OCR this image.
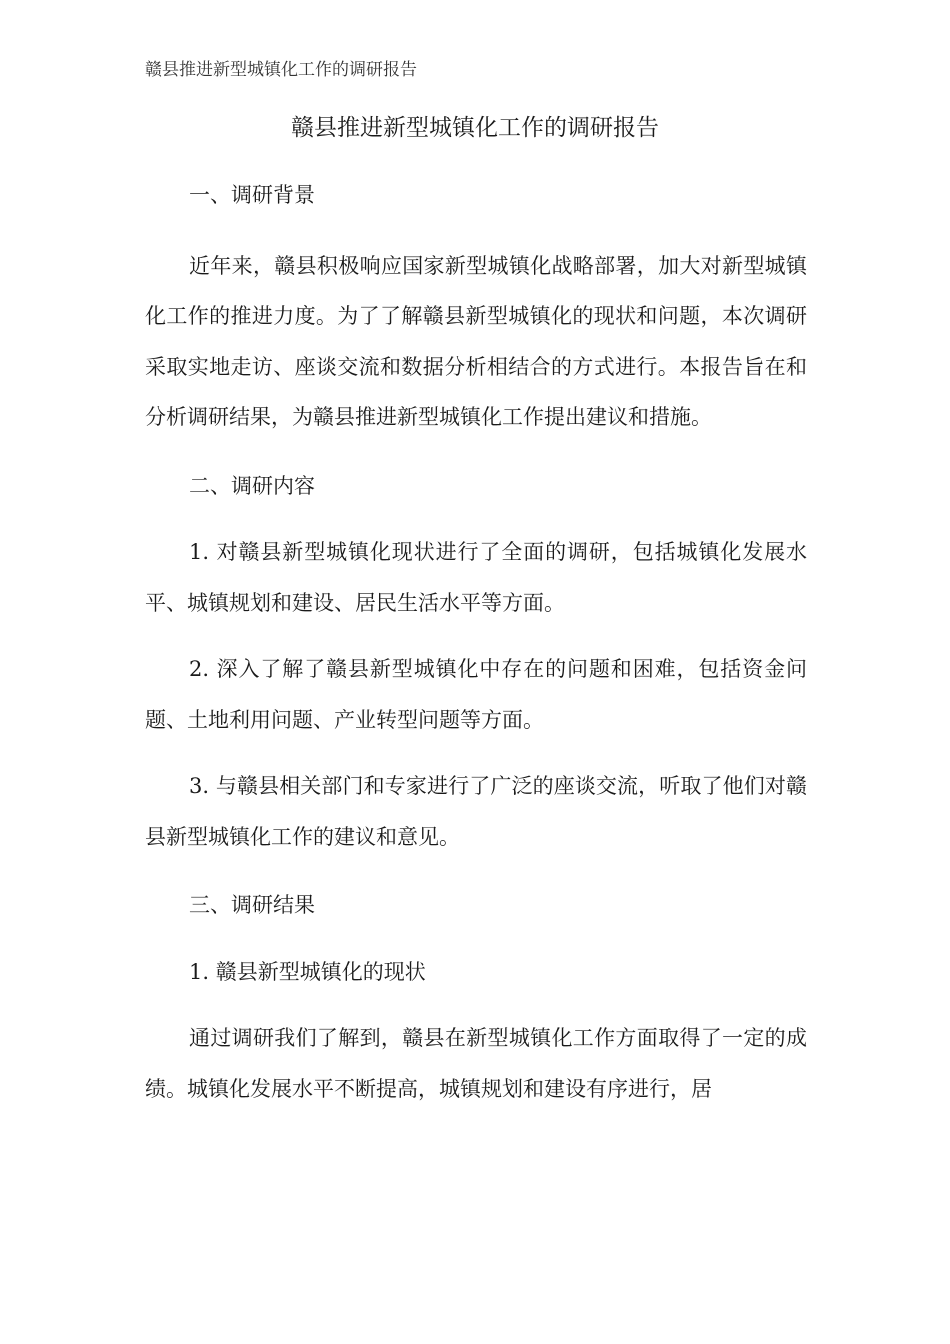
赣县推进新型城镇化工作的调研报告
赣县推进新型城镇化工作的调研报告
一、调研背景
近年来，赣县积极响应国家新型城镇化战略部署，加大对新型城镇化工作的推进力度。为了了解赣县新型城镇化的现状和问题，本次调研采取实地走访、座谈交流和数据分析相结合的方式进行。本报告旨在和分析调研结果，为赣县推进新型城镇化工作提出建议和措施。
二、调研内容
1. 对赣县新型城镇化现状进行了全面的调研，包括城镇化发展水平、城镇规划和建设、居民生活水平等方面。
2. 深入了解了赣县新型城镇化中存在的问题和困难，包括资金问题、土地利用问题、产业转型问题等方面。
3. 与赣县相关部门和专家进行了广泛的座谈交流，听取了他们对赣县新型城镇化工作的建议和意见。
三、调研结果
1. 赣县新型城镇化的现状
通过调研我们了解到，赣县在新型城镇化工作方面取得了一定的成绩。城镇化发展水平不断提高，城镇规划和建设有序进行，居
